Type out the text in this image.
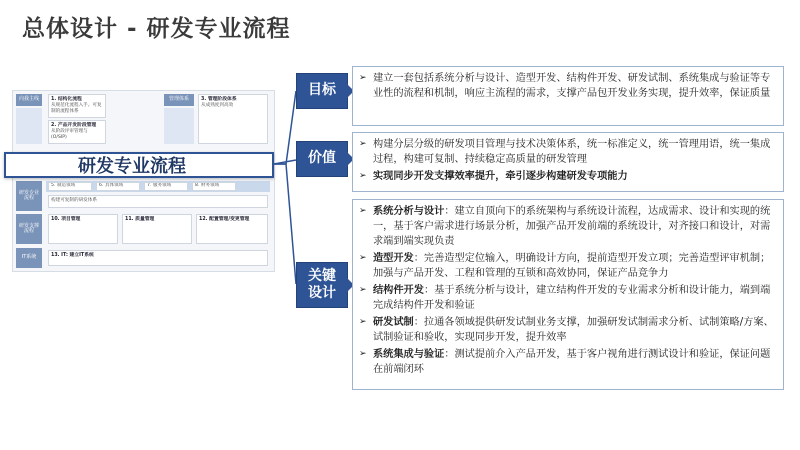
总体设计 - 研发专业流程
向我主线	1. 结构化流程
从规范化流程入手。可复制的流程体系
2. 产品开发阶段管理
从阶段评审管理与(O/SIP)
管理体系	3. 管理阶段体系
从成熟度到高效
研发专业流程
5. 制造领域	6. 具体领域	7. 服务领域	8. 财务领域
构建可复制的研发体系
研发支撑流程
10. 项目管理	11. 质量管理	12. 配置管理/变更管理
IT系统	13. IT: 建立IT系统
研发专业流程
目标
➢ 建立一套包括系统分析与设计、造型开发、结构件开发、研发试制、系统集成与验证等专业性的流程和机制，响应主流程的需求，支撑产品包开发业务实现，提升效率，保证质量
价值
➢ 构建分层分级的研发项目管理与技术决策体系，统一标准定义，统一管理用语，统一集成过程，构建可复制、持续稳定高质量的研发管理
➢ 实现同步开发支撑效率提升，牵引逐步构建研发专项能力
关键设计
➢ 系统分析与设计：建立自顶向下的系统架构与系统设计流程，达成需求、设计和实现的统一，基于客户需求进行场景分析，加强产品开发前端的系统设计，对齐接口和设计，对需求端到端实现负责
➢ 造型开发：完善造型定位输入，明确设计方向，提前造型开发立项；完善造型评审机制；加强与产品开发、工程和管理的互锁和高效协同，保证产品竞争力
➢ 结构件开发：基于系统分析与设计，建立结构件开发的专业需求分析和设计能力，端到端完成结构件开发和验证
➢ 研发试制：拉通各领域提供研发试制业务支撑，加强研发试制需求分析、试制策略/方案、试制验证和验收，实现同步开发，提升效率
➢ 系统集成与验证：测试提前介入产品开发，基于客户视角进行测试设计和验证，保证问题在前端闭环
